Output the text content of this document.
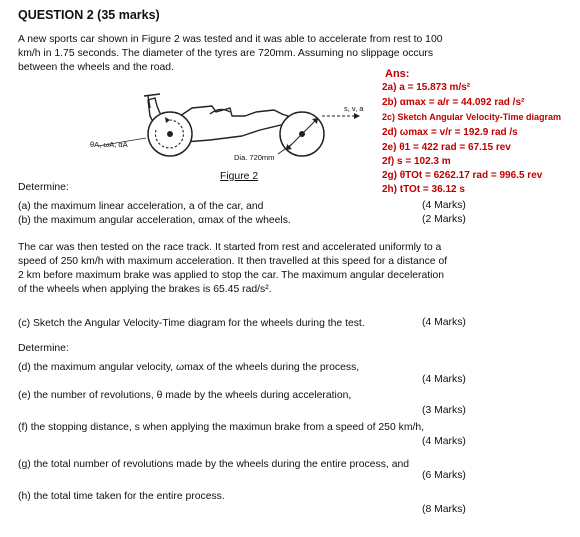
QUESTION 2 (35 marks)
A new sports car shown in Figure 2 was tested and it was able to accelerate from rest to 100
km/h in 1.75 seconds. The diameter of the tyres are 720mm. Assuming no slippage occurs
between the wheels and the road.
θA, ωA, αA
s, v, a
Dia. 720mm
Figure 2
Ans:
2a) a = 15.873 m/s²
2b) αmax = a/r = 44.092 rad /s²
2c) Sketch Angular Velocity-Time diagram
2d) ωmax = v/r = 192.9 rad /s
2e) θ1 = 422 rad = 67.15 rev
2f) s = 102.3 m
2g) θTOt = 6262.17 rad = 996.5 rev
2h) tTOt = 36.12 s
Determine:
(a) the maximum linear acceleration, a of the car, and	(4 Marks)
(b) the maximum angular acceleration, αmax of the wheels.	(2 Marks)
The car was then tested on the race track. It started from rest and accelerated uniformly to a
speed of 250 km/h with maximum acceleration. It then travelled at this speed for a distance of
2 km before maximum brake was applied to stop the car. The maximum angular deceleration
of the wheels when applying the brakes is 65.45 rad/s².
(c) Sketch the Angular Velocity-Time diagram for the wheels during the test.	(4 Marks)
Determine:
(d) the maximum angular velocity, ωmax of the wheels during the process,
(4 Marks)
(e) the number of revolutions, θ made by the wheels during acceleration,
(3 Marks)
(f) the stopping distance, s when applying the maximun brake from a speed of 250 km/h,
(4 Marks)
(g) the total number of revolutions made by the wheels during the entire process, and
(6 Marks)
(h) the total time taken for the entire process.
(8 Marks)
